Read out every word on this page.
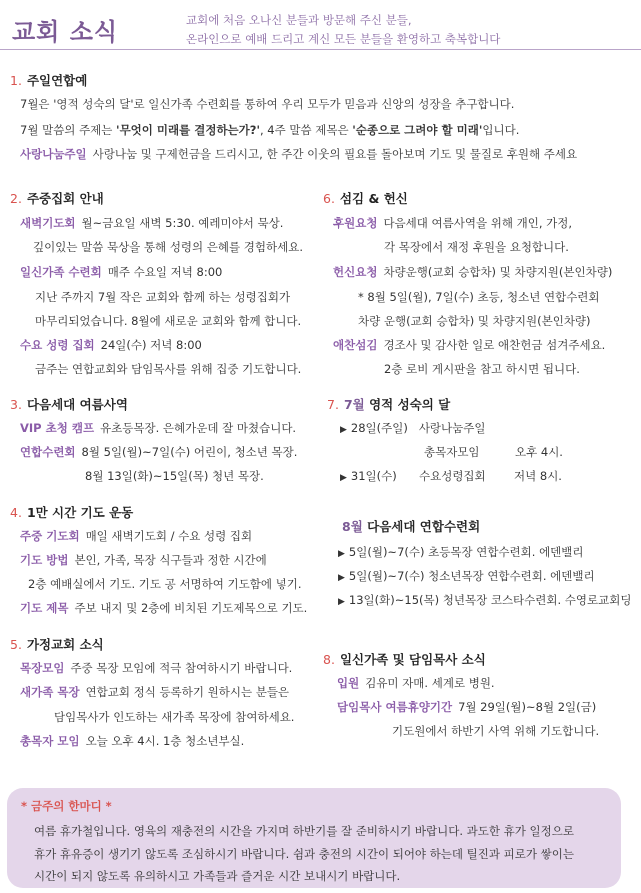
교회 소식	교회에 처음 오나신 분들과 방문해 주신 분들,
온라인으로 예배 드리고 계신 모든 분들을 환영하고 축복합니다
1. 주일연합예
7월은 '영적 성숙의 달'로 일신가족 수련회를 통하여 우리 모두가 믿음과 신앙의 성장을 추구합니다.
7월 말씀의 주제는 '무엇이 미래를 결정하는가?', 4주 말씀 제목은 '순종으로 그려야 할 미래'입니다.
사랑나눔주일 사랑나눔 및 구제헌금을 드리시고, 한 주간 이웃의 필요를 돌아보며 기도 및 물질로 후원해 주세요
2. 주중집회 안내
새벽기도회 월~금요일 새벽 5:30. 예레미야서 묵상.
깊이있는 말씀 묵상을 통해 성령의 은혜를 경험하세요.
일신가족 수련회 매주 수요일 저녁 8:00
지난 주까지 7월 작은 교회와 함께 하는 성령집회가
마무리되었습니다. 8월에 새로운 교회와 함께 합니다.
수요 성령 집회 24일(수) 저녁 8:00
금주는 연합교회와 담임목사를 위해 집중 기도합니다.
3. 다음세대 여름사역
VIP 초청 캠프 유초등목장. 은혜가운데 잘 마쳤습니다.
연합수련회 8월 5일(월)~7일(수) 어린이, 청소년 목장.
8월 13일(화)~15일(목) 청년 목장.
4. 1만 시간 기도 운동
주중 기도회 매일 새벽기도회 / 수요 성령 집회
기도 방법 본인, 가족, 목장 식구들과 정한 시간에
2층 예배실에서 기도. 기도 공 서명하여 기도함에 넣기.
기도 제목 주보 내지 및 2층에 비치된 기도제목으로 기도.
5. 가정교회 소식
목장모임 주중 목장 모임에 적극 참여하시기 바랍니다.
새가족 목장 연합교회 정식 등록하기 원하시는 분들은
담임목사가 인도하는 새가족 목장에 참여하세요.
총목자 모임 오늘 오후 4시. 1층 청소년부실.
6. 섬김 & 헌신
후원요청 다음세대 여름사역을 위해 개인, 가정,
각 목장에서 재정 후원을 요청합니다.
헌신요청 차량운행(교회 승합차) 및 차량지원(본인차량)
* 8월 5일(월), 7일(수) 초등, 청소년 연합수련회
차량 운행(교회 승합차) 및 차량지원(본인차량)
애찬섬김 경조사 및 감사한 일로 애찬헌금 섬겨주세요.
2층 로비 게시판을 참고 하시면 됩니다.
7. 7월 영적 성숙의 달
▶ 28일(주일) 사랑나눔주일
총목자모임	오후 4시.
▶ 31일(수) 수요성령집회 저녁 8시.
8월 다음세대 연합수련회
▶ 5일(월)~7(수) 초등목장 연합수련회. 에덴밸리
▶ 5일(월)~7(수) 청소년목장 연합수련회. 에덴밸리
▶ 13일(화)~15(목) 청년목장 코스타수련회. 수영로교회딩
8. 일신가족 및 담임목사 소식
입원 김유미 자매. 세계로 병원.
담임목사 여름휴양기간 7월 29일(월)~8월 2일(금)
기도원에서 하반기 사역 위해 기도합니다.
* 금주의 한마디 *
여름 휴가철입니다. 영육의 재충전의 시간을 가지며 하반기를 잘 준비하시기 바랍니다. 과도한 휴가 일정으로
휴가 휴유증이 생기기 않도록 조심하시기 바랍니다. 쉼과 충전의 시간이 되어야 하는데 틸진과 피로가 쌓이는
시간이 되지 않도록 유의하시고 가족들과 즐거운 시간 보내시기 바랍니다.
